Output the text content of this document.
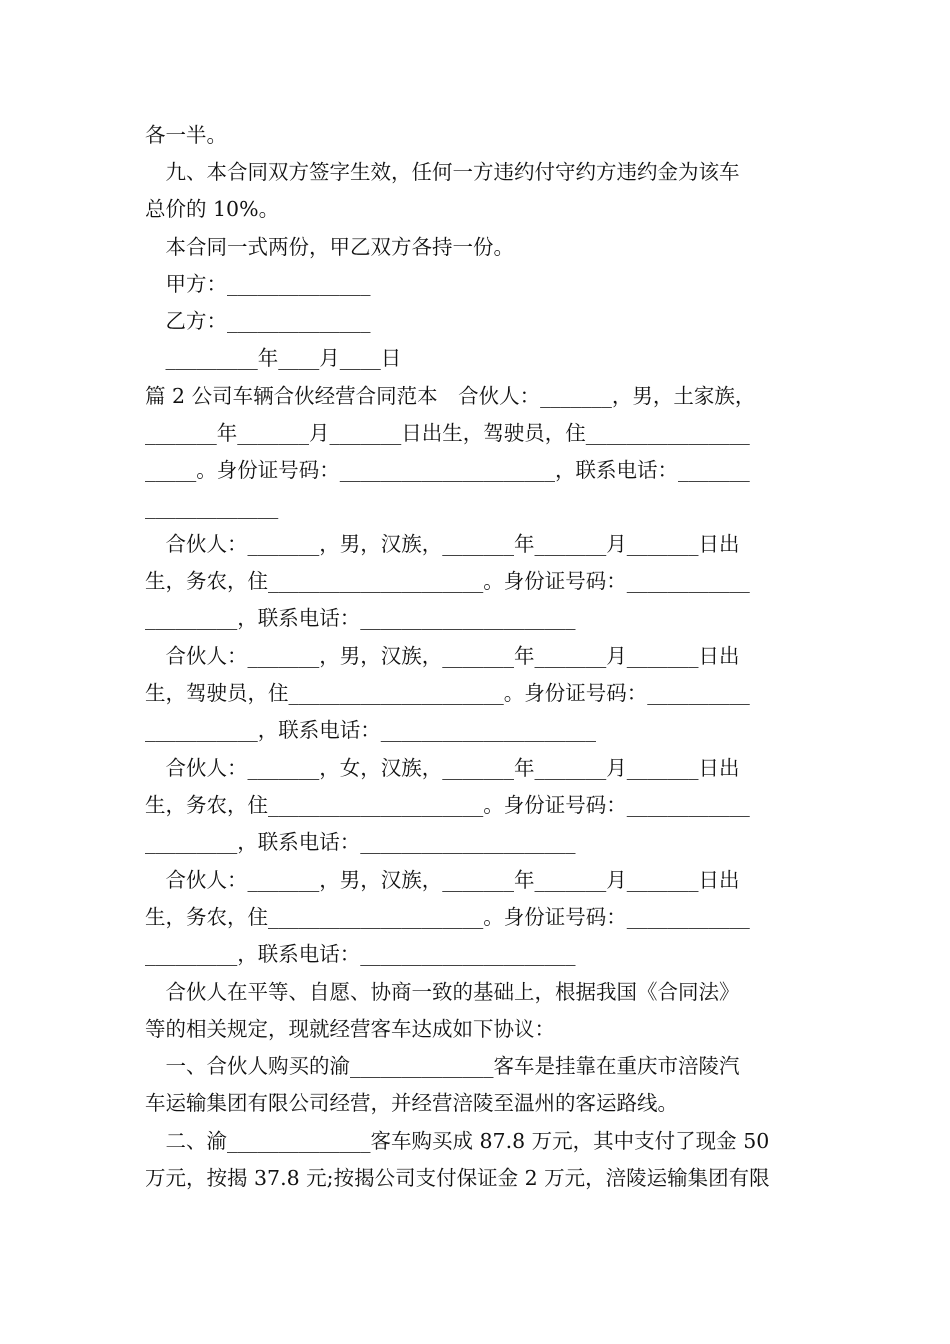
各一半。
　九、本合同双方签字生效，任何一方违约付守约方违约金为该车
总价的 10%。
　本合同一式两份，甲乙双方各持一份。
　甲方：______________
　乙方：______________
　_________年____月____日
篇 2 公司车辆合伙经营合同范本　合伙人：_______，男，土家族，
_______年_______月_______日出生，驾驶员，住________________
_____。身份证号码：_____________________，联系电话：_______
_____________
　合伙人：_______，男，汉族，_______年_______月_______日出
生，务农，住_____________________。身份证号码：____________
_________，联系电话：_____________________
　合伙人：_______，男，汉族，_______年_______月_______日出
生，驾驶员，住_____________________。身份证号码：__________
___________，联系电话：_____________________
　合伙人：_______，女，汉族，_______年_______月_______日出
生，务农，住_____________________。身份证号码：____________
_________，联系电话：_____________________
　合伙人：_______，男，汉族，_______年_______月_______日出
生，务农，住_____________________。身份证号码：____________
_________，联系电话：_____________________
　合伙人在平等、自愿、协商一致的基础上，根据我国《合同法》
等的相关规定，现就经营客车达成如下协议：
　一、合伙人购买的渝______________客车是挂靠在重庆市涪陵汽
车运输集团有限公司经营，并经营涪陵至温州的客运路线。
　二、渝______________客车购买成 87.8 万元，其中支付了现金 50
万元，按揭 37.8 元;按揭公司支付保证金 2 万元，涪陵运输集团有限
